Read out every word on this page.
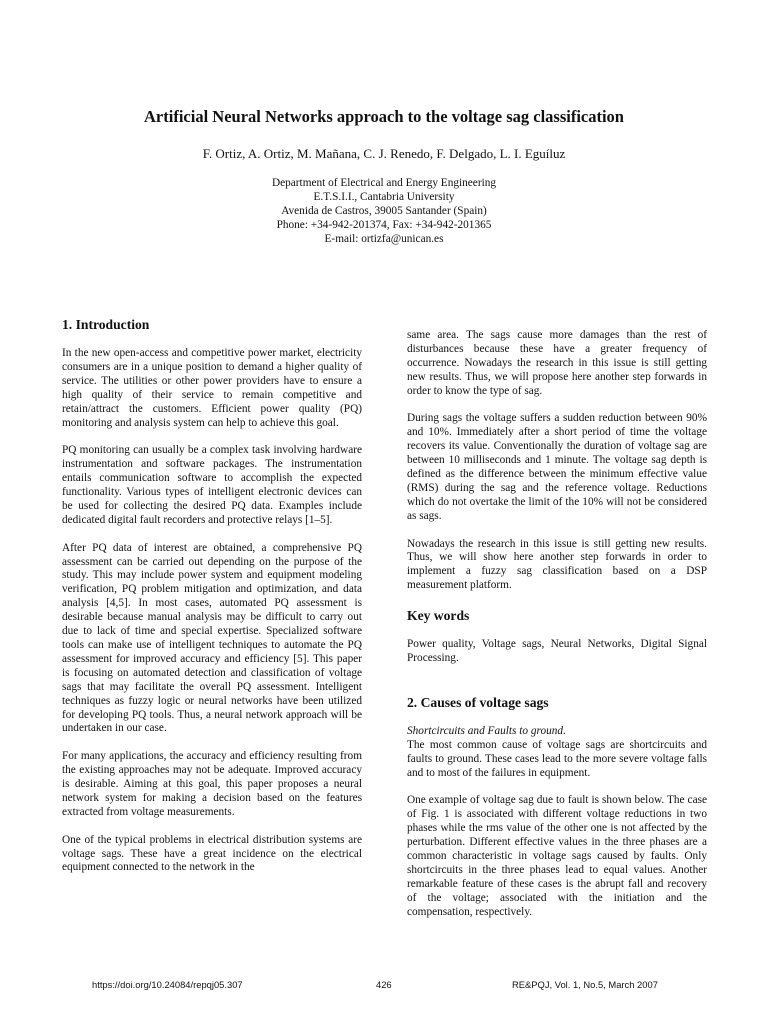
Artificial Neural Networks approach to the voltage sag classification
F. Ortiz, A. Ortiz, M. Mañana, C. J. Renedo, F. Delgado, L. I. Eguíluz
Department of Electrical and Energy Engineering
E.T.S.I.I., Cantabria University
Avenida de Castros, 39005 Santander (Spain)
Phone: +34-942-201374, Fax: +34-942-201365
E-mail: ortizfa@unican.es
1. Introduction

In the new open-access and competitive power market, electricity consumers are in a unique position to demand a higher quality of service. The utilities or other power providers have to ensure a high quality of their service to remain competitive and retain/attract the customers. Efficient power quality (PQ) monitoring and analysis system can help to achieve this goal.

PQ monitoring can usually be a complex task involving hardware instrumentation and software packages. The instrumentation entails communication software to accomplish the expected functionality. Various types of intelligent electronic devices can be used for collecting the desired PQ data. Examples include dedicated digital fault recorders and protective relays [1–5].

After PQ data of interest are obtained, a comprehensive PQ assessment can be carried out depending on the purpose of the study. This may include power system and equipment modeling verification, PQ problem mitigation and optimization, and data analysis [4,5]. In most cases, automated PQ assessment is desirable because manual analysis may be difficult to carry out due to lack of time and special expertise. Specialized software tools can make use of intelligent techniques to automate the PQ assessment for improved accuracy and efficiency [5]. This paper is focusing on automated detection and classification of voltage sags that may facilitate the overall PQ assessment. Intelligent techniques as fuzzy logic or neural networks have been utilized for developing PQ tools. Thus, a neural network approach will be undertaken in our case.

For many applications, the accuracy and efficiency resulting from the existing approaches may not be adequate. Improved accuracy is desirable. Aiming at this goal, this paper proposes a neural network system for making a decision based on the features extracted from voltage measurements.

One of the typical problems in electrical distribution systems are voltage sags. These have a great incidence on the electrical equipment connected to the network in the

same area. The sags cause more damages than the rest of disturbances because these have a greater frequency of occurrence. Nowadays the research in this issue is still getting new results. Thus, we will propose here another step forwards in order to know the type of sag.

During sags the voltage suffers a sudden reduction between 90% and 10%. Immediately after a short period of time the voltage recovers its value. Conventionally the duration of voltage sag are between 10 milliseconds and 1 minute. The voltage sag depth is defined as the difference between the minimum effective value (RMS) during the sag and the reference voltage. Reductions which do not overtake the limit of the 10% will not be considered as sags.

Nowadays the research in this issue is still getting new results. Thus, we will show here another step forwards in order to implement a fuzzy sag classification based on a DSP measurement platform.

Key words

Power quality, Voltage sags, Neural Networks, Digital Signal Processing.

2. Causes of voltage sags

Shortcircuits and Faults to ground.

The most common cause of voltage sags are shortcircuits and faults to ground. These cases lead to the more severe voltage falls and to most of the failures in equipment.

One example of voltage sag due to fault is shown below. The case of Fig. 1 is associated with different voltage reductions in two phases while the rms value of the other one is not affected by the perturbation. Different effective values in the three phases are a common characteristic in voltage sags caused by faults. Only shortcircuits in the three phases lead to equal values. Another remarkable feature of these cases is the abrupt fall and recovery of the voltage; associated with the initiation and the compensation, respectively.

https://doi.org/10.24084/repqj05.307	426	RE&PQJ, Vol. 1, No.5, March 2007
